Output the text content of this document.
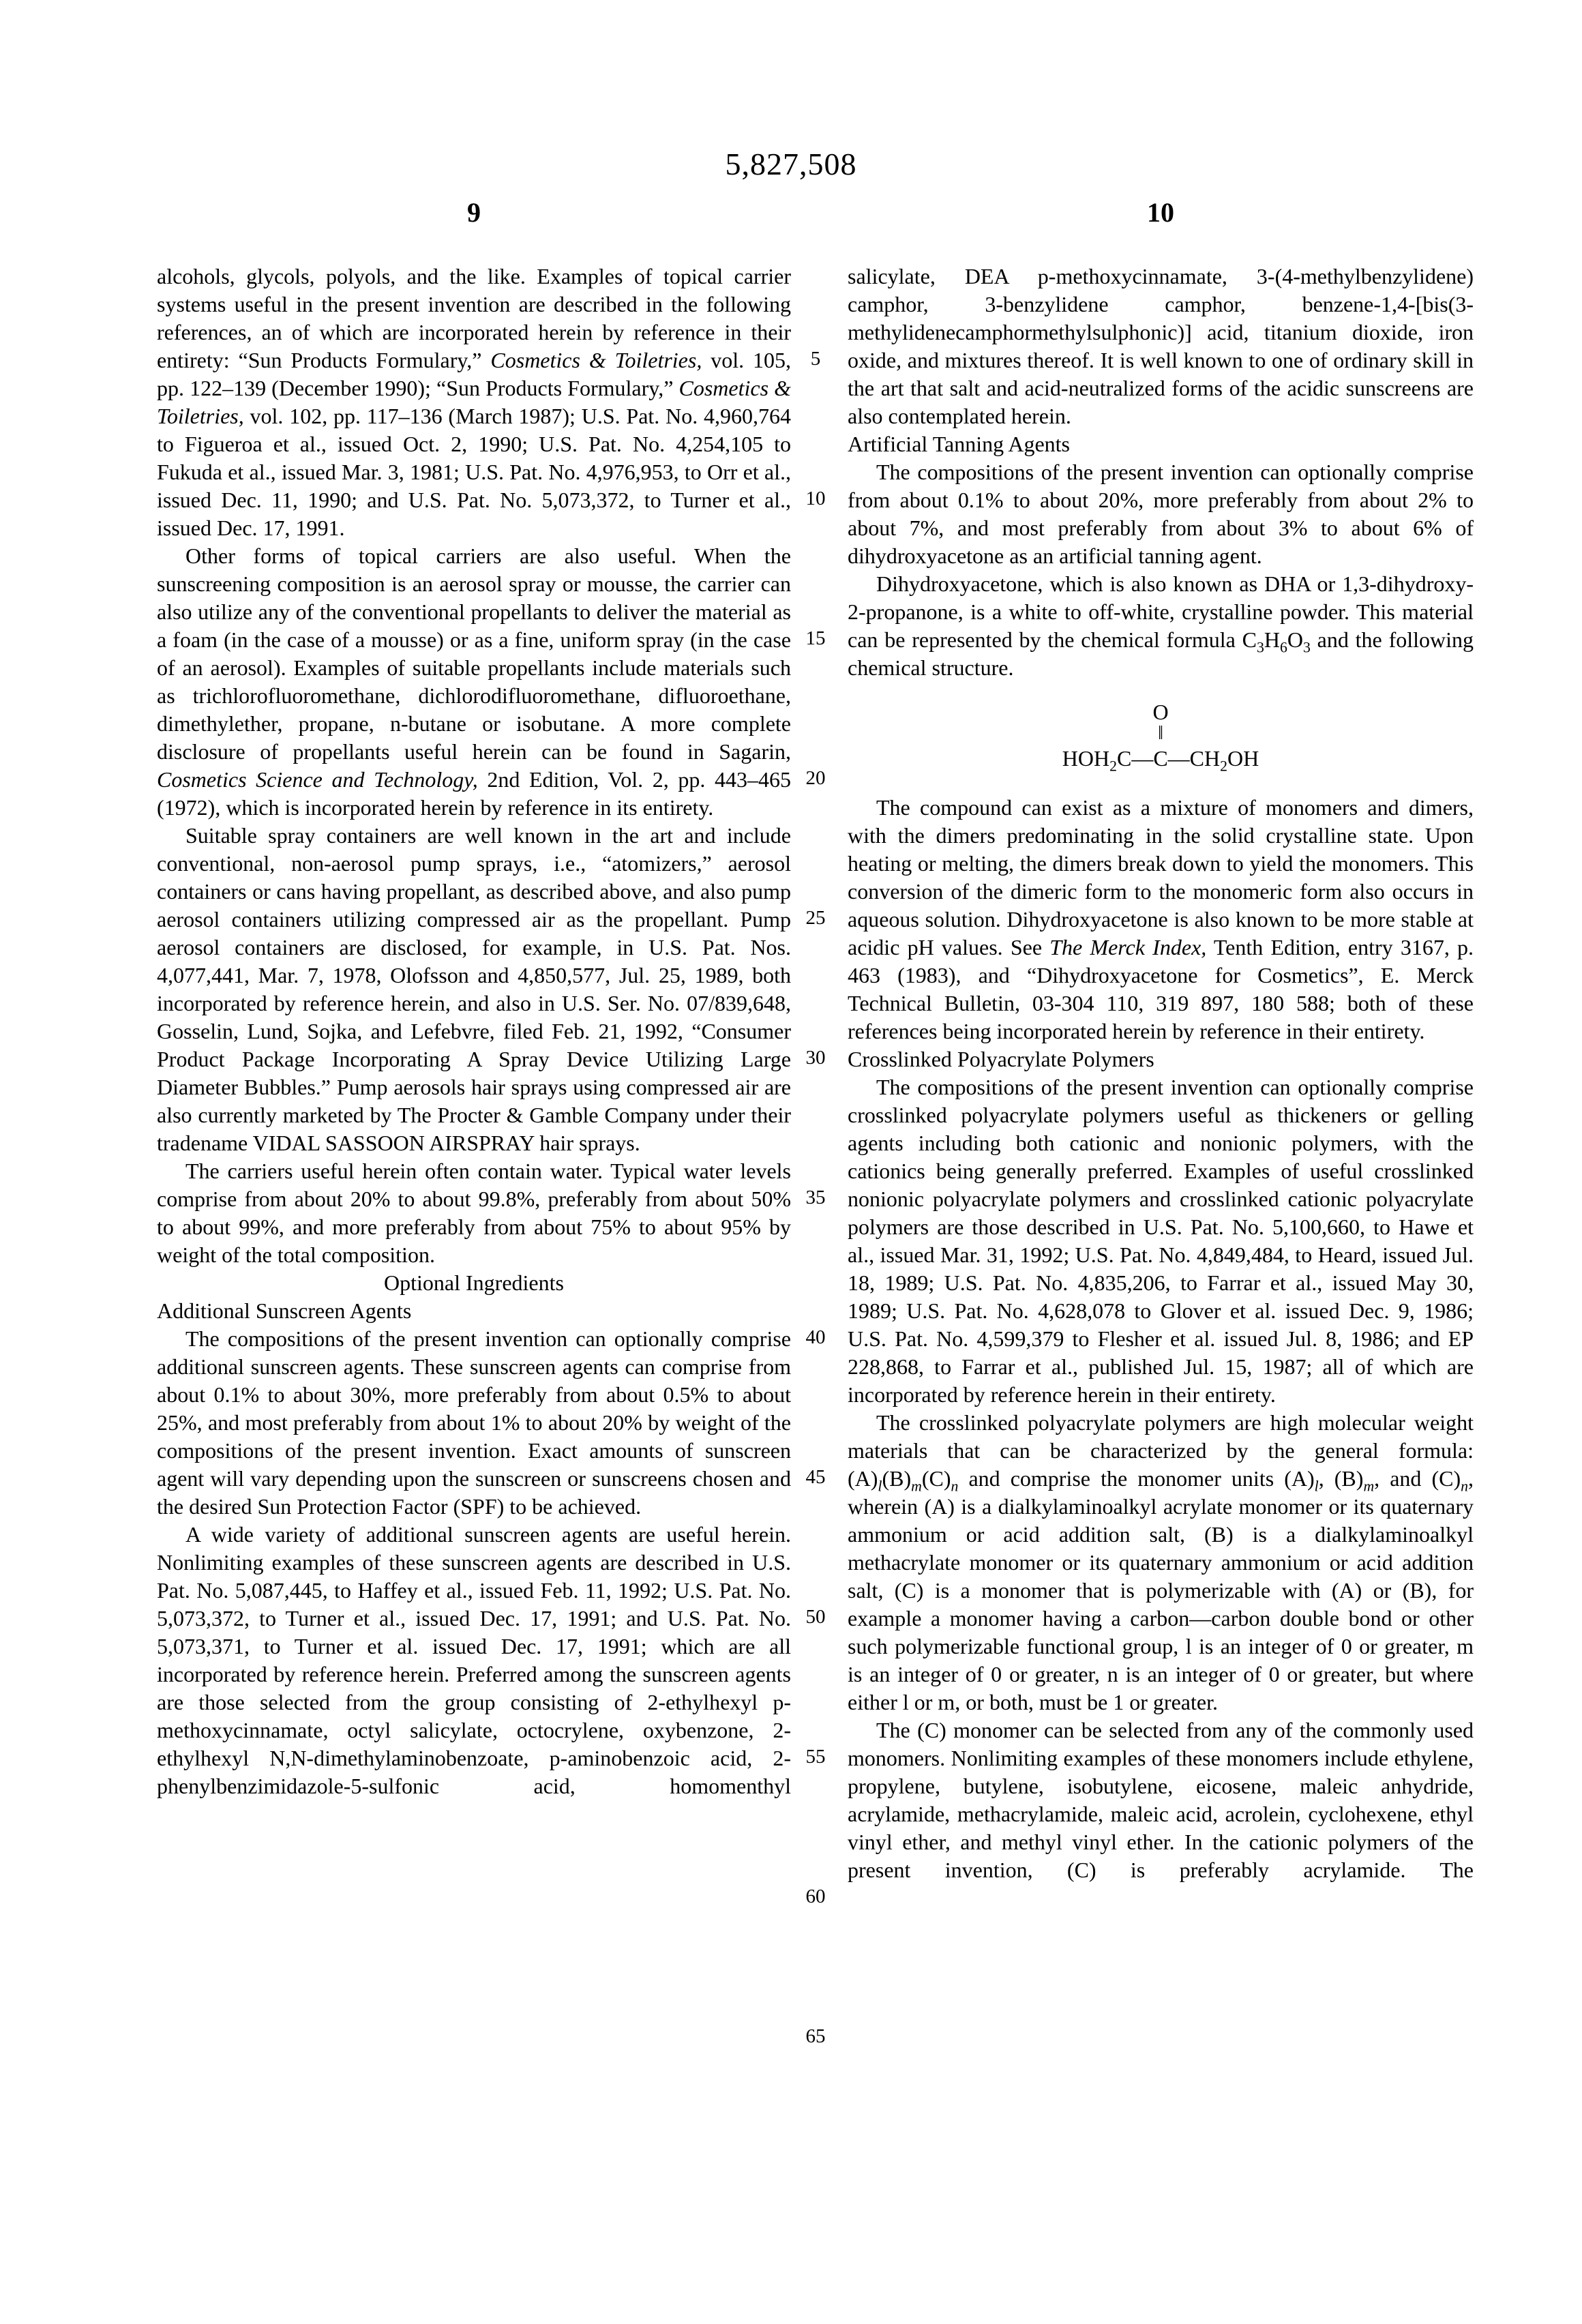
5,827,508
9	10
5
10
15
20
25
30
35
40
45
50
55
60
65

alcohols, glycols, polyols, and the like. Examples of topical carrier systems useful in the present invention are described in the following references, an of which are incorporated herein by reference in their entirety: “Sun Products Formulary,” Cosmetics & Toiletries, vol. 105, pp. 122–139 (December 1990); “Sun Products Formulary,” Cosmetics & Toiletries, vol. 102, pp. 117–136 (March 1987); U.S. Pat. No. 4,960,764 to Figueroa et al., issued Oct. 2, 1990; U.S. Pat. No. 4,254,105 to Fukuda et al., issued Mar. 3, 1981; U.S. Pat. No. 4,976,953, to Orr et al., issued Dec. 11, 1990; and U.S. Pat. No. 5,073,372, to Turner et al., issued Dec. 17, 1991.

Other forms of topical carriers are also useful. When the sunscreening composition is an aerosol spray or mousse, the carrier can also utilize any of the conventional propellants to deliver the material as a foam (in the case of a mousse) or as a fine, uniform spray (in the case of an aerosol). Examples of suitable propellants include materials such as trichlorofluoromethane, dichlorodifluoromethane, difluoroethane, dimethylether, propane, n-butane or isobutane. A more complete disclosure of propellants useful herein can be found in Sagarin, Cosmetics Science and Technology, 2nd Edition, Vol. 2, pp. 443–465 (1972), which is incorporated herein by reference in its entirety.

Suitable spray containers are well known in the art and include conventional, non-aerosol pump sprays, i.e., “atomizers,” aerosol containers or cans having propellant, as described above, and also pump aerosol containers utilizing compressed air as the propellant. Pump aerosol containers are disclosed, for example, in U.S. Pat. Nos. 4,077,441, Mar. 7, 1978, Olofsson and 4,850,577, Jul. 25, 1989, both incorporated by reference herein, and also in U.S. Ser. No. 07/839,648, Gosselin, Lund, Sojka, and Lefebvre, filed Feb. 21, 1992, “Consumer Product Package Incorporating A Spray Device Utilizing Large Diameter Bubbles.” Pump aerosols hair sprays using compressed air are also currently marketed by The Procter & Gamble Company under their tradename VIDAL SASSOON AIRSPRAY hair sprays.

The carriers useful herein often contain water. Typical water levels comprise from about 20% to about 99.8%, preferably from about 50% to about 99%, and more preferably from about 75% to about 95% by weight of the total composition.

Optional Ingredients

Additional Sunscreen Agents

The compositions of the present invention can optionally comprise additional sunscreen agents. These sunscreen agents can comprise from about 0.1% to about 30%, more preferably from about 0.5% to about 25%, and most preferably from about 1% to about 20% by weight of the compositions of the present invention. Exact amounts of sunscreen agent will vary depending upon the sunscreen or sunscreens chosen and the desired Sun Protection Factor (SPF) to be achieved.

A wide variety of additional sunscreen agents are useful herein. Nonlimiting examples of these sunscreen agents are described in U.S. Pat. No. 5,087,445, to Haffey et al., issued Feb. 11, 1992; U.S. Pat. No. 5,073,372, to Turner et al., issued Dec. 17, 1991; and U.S. Pat. No. 5,073,371, to Turner et al. issued Dec. 17, 1991; which are all incorporated by reference herein. Preferred among the sunscreen agents are those selected from the group consisting of 2-ethylhexyl p-methoxycinnamate, octyl salicylate, octocrylene, oxybenzone, 2-ethylhexyl N,N-dimethylaminobenzoate, p-aminobenzoic acid, 2-phenylbenzimidazole-5-sulfonic acid, homomenthyl

salicylate, DEA p-methoxycinnamate, 3-(4-methylbenzylidene) camphor, 3-benzylidene camphor, benzene-1,4-[bis(3-methylidenecamphormethylsulphonic)] acid, titanium dioxide, iron oxide, and mixtures thereof. It is well known to one of ordinary skill in the art that salt and acid-neutralized forms of the acidic sunscreens are also contemplated herein.

Artificial Tanning Agents

The compositions of the present invention can optionally comprise from about 0.1% to about 20%, more preferably from about 2% to about 7%, and most preferably from about 3% to about 6% of dihydroxyacetone as an artificial tanning agent.

Dihydroxyacetone, which is also known as DHA or 1,3-dihydroxy-2-propanone, is a white to off-white, crystalline powder. This material can be represented by the chemical formula $C_3H_6O_3$ and the following chemical structure.

O
‖
$HOH_2C—C—CH_2OH$

The compound can exist as a mixture of monomers and dimers, with the dimers predominating in the solid crystalline state. Upon heating or melting, the dimers break down to yield the monomers. This conversion of the dimeric form to the monomeric form also occurs in aqueous solution. Dihydroxyacetone is also known to be more stable at acidic pH values. See The Merck Index, Tenth Edition, entry 3167, p. 463 (1983), and “Dihydroxyacetone for Cosmetics”, E. Merck Technical Bulletin, 03-304 110, 319 897, 180 588; both of these references being incorporated herein by reference in their entirety.

Crosslinked Polyacrylate Polymers

The compositions of the present invention can optionally comprise crosslinked polyacrylate polymers useful as thickeners or gelling agents including both cationic and nonionic polymers, with the cationics being generally preferred. Examples of useful crosslinked nonionic polyacrylate polymers and crosslinked cationic polyacrylate polymers are those described in U.S. Pat. No. 5,100,660, to Hawe et al., issued Mar. 31, 1992; U.S. Pat. No. 4,849,484, to Heard, issued Jul. 18, 1989; U.S. Pat. No. 4,835,206, to Farrar et al., issued May 30, 1989; U.S. Pat. No. 4,628,078 to Glover et al. issued Dec. 9, 1986; U.S. Pat. No. 4,599,379 to Flesher et al. issued Jul. 8, 1986; and EP 228,868, to Farrar et al., published Jul. 15, 1987; all of which are incorporated by reference herein in their entirety.

The crosslinked polyacrylate polymers are high molecular weight materials that can be characterized by the general formula: $(A)_l(B)_m(C)_n$ and comprise the monomer units $(A)_l$, $(B)_m$, and $(C)_n$, wherein (A) is a dialkylaminoalkyl acrylate monomer or its quaternary ammonium or acid addition salt, (B) is a dialkylaminoalkyl methacrylate monomer or its quaternary ammonium or acid addition salt, (C) is a monomer that is polymerizable with (A) or (B), for example a monomer having a carbon—carbon double bond or other such polymerizable functional group, l is an integer of 0 or greater, m is an integer of 0 or greater, n is an integer of 0 or greater, but where either l or m, or both, must be 1 or greater.

The (C) monomer can be selected from any of the commonly used monomers. Nonlimiting examples of these monomers include ethylene, propylene, butylene, isobutylene, eicosene, maleic anhydride, acrylamide, methacrylamide, maleic acid, acrolein, cyclohexene, ethyl vinyl ether, and methyl vinyl ether. In the cationic polymers of the present invention, (C) is preferably acrylamide. The
